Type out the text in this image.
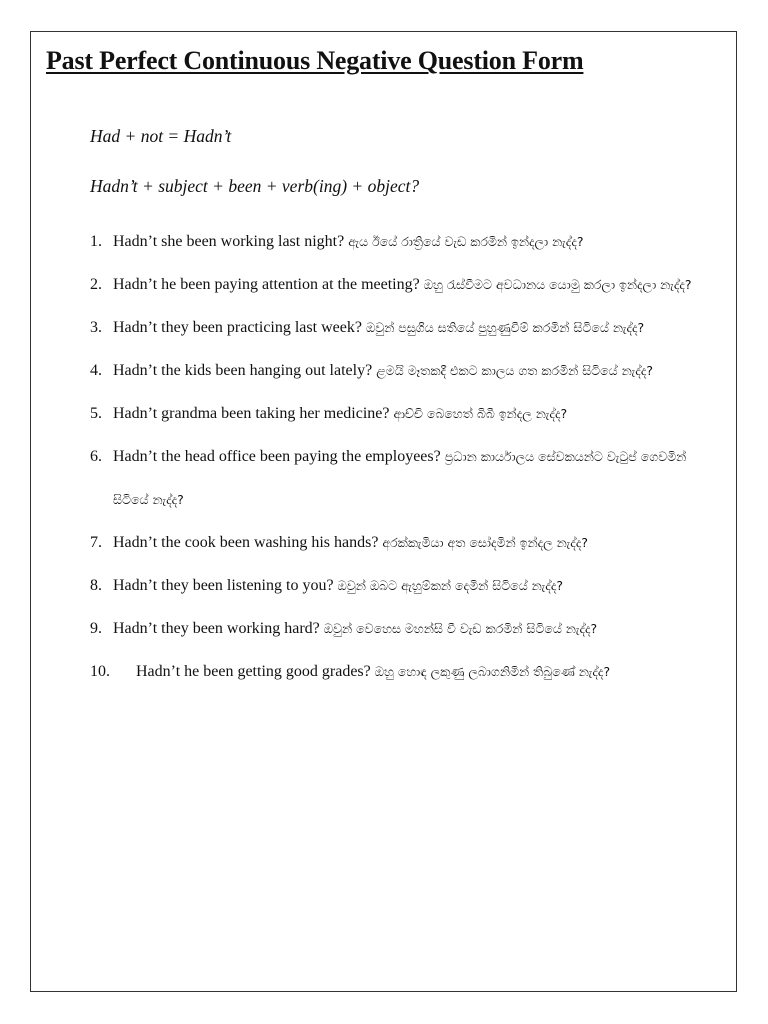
Past Perfect Continuous Negative Question Form
Had + not = Hadn’t
Hadn’t + subject + been + verb(ing) + object?
1. Hadn’t she been working last night? ඇය ඊයේ රාත්‍රියේ වැඩ කරමින් ඉන්දලා නැද්ද?
2. Hadn’t he been paying attention at the meeting? ඔහු රැස්වීමට අවධානය යොමු කරලා ඉන්දලා නැද්ද?
3. Hadn’t they been practicing last week? ඔවුන් පසුගිය සතියේ පුහුණුවීම් කරමින් සිටියේ නැද්ද?
4. Hadn’t the kids been hanging out lately? ළමයි මෑතකදී එකට කාලය ගත කරමින් සිටියේ නැද්ද?
5. Hadn’t grandma been taking her medicine? ආච්චි බෙහෙත් බිබී ඉන්දල නැද්ද?
6. Hadn’t the head office been paying the employees? ප්‍රධාන කාර්යාලය සේවකයන්ට වැටුප් ගෙවමින් සිටියේ නැද්ද?
7. Hadn’t the cook been washing his hands? අරක්කැමියා අත සෝදමින් ඉන්දල නැද්ද?
8. Hadn’t they been listening to you? ඔවුන් ඔබට ඇහුම්කන් දෙමින් සිටියේ නැද්ද?
9. Hadn’t they been working hard? ඔවුන් වෙහෙස මහන්සි වී වැඩ කරමින් සිටියේ නැද්ද?
10.	Hadn’t he been getting good grades? ඔහු හොඳ ලකුණු ලබාගනිමින් තිබුණේ නැද්ද?
